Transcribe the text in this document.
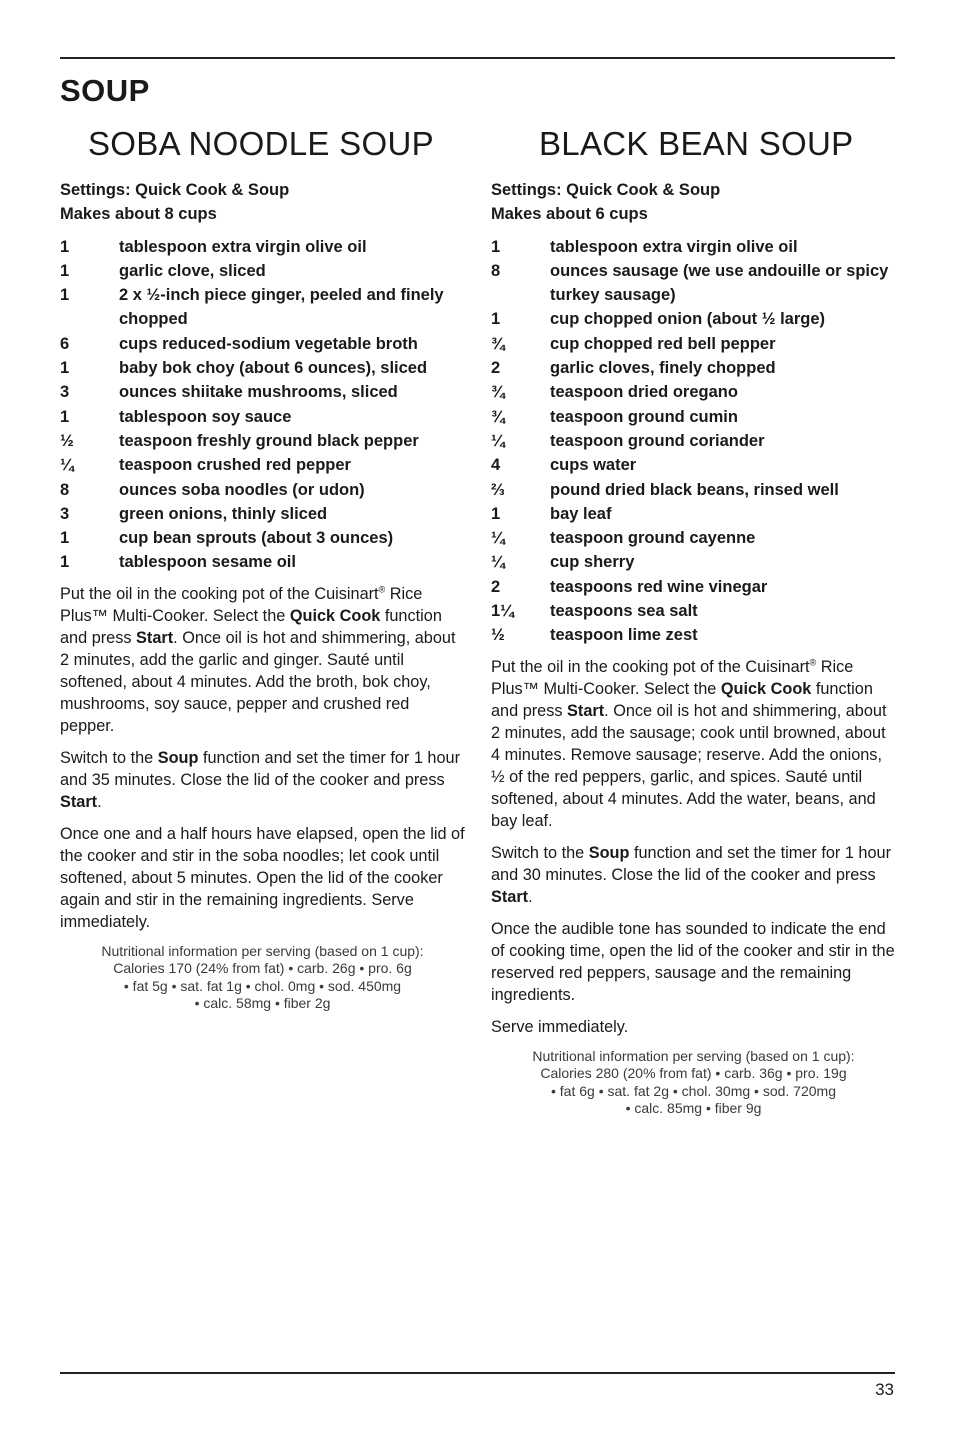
SOUP
SOBA NOODLE SOUP
Settings: Quick Cook & Soup
Makes about 8 cups
1	tablespoon extra virgin olive oil
1	garlic clove, sliced
1	2 x ½-inch piece ginger, peeled and finely chopped
6	cups reduced-sodium vegetable broth
1	baby bok choy (about 6 ounces), sliced
3	ounces shiitake mushrooms, sliced
1	tablespoon soy sauce
½	teaspoon freshly ground black pepper
¼	teaspoon crushed red pepper
8	ounces soba noodles (or udon)
3	green onions, thinly sliced
1	cup bean sprouts (about 3 ounces)
1	tablespoon sesame oil

Put the oil in the cooking pot of the Cuisinart® Rice Plus™ Multi-Cooker. Select the Quick Cook function and press Start. Once oil is hot and shimmering, about 2 minutes, add the garlic and ginger. Sauté until softened, about 4 minutes. Add the broth, bok choy, mushrooms, soy sauce, pepper and crushed red pepper.

Switch to the Soup function and set the timer for 1 hour and 35 minutes. Close the lid of the cooker and press Start.

Once one and a half hours have elapsed, open the lid of the cooker and stir in the soba noodles; let cook until softened, about 5 minutes. Open the lid of the cooker again and stir in the remaining ingredients. Serve immediately.

Nutritional information per serving (based on 1 cup):
Calories 170 (24% from fat) • carb. 26g • pro. 6g
• fat 5g • sat. fat 1g • chol. 0mg • sod. 450mg
• calc. 58mg • fiber 2g
BLACK BEAN SOUP
Settings: Quick Cook & Soup
Makes about 6 cups
1	tablespoon extra virgin olive oil
8	ounces sausage (we use andouille or spicy turkey sausage)
1	cup chopped onion (about ½ large)
¾	cup chopped red bell pepper
2	garlic cloves, finely chopped
¾	teaspoon dried oregano
¾	teaspoon ground cumin
¼	teaspoon ground coriander
4	cups water
⅔	pound dried black beans, rinsed well
1	bay leaf
¼	teaspoon ground cayenne
¼	cup sherry
2	teaspoons red wine vinegar
1¼	teaspoons sea salt
½	teaspoon lime zest

Put the oil in the cooking pot of the Cuisinart® Rice Plus™ Multi-Cooker. Select the Quick Cook function and press Start. Once oil is hot and shimmering, about 2 minutes, add the sausage; cook until browned, about 4 minutes. Remove sausage; reserve. Add the onions, ½ of the red peppers, garlic, and spices. Sauté until softened, about 4 minutes. Add the water, beans, and bay leaf.

Switch to the Soup function and set the timer for 1 hour and 30 minutes. Close the lid of the cooker and press Start.

Once the audible tone has sounded to indicate the end of cooking time, open the lid of the cooker and stir in the reserved red peppers, sausage and the remaining ingredients.

Serve immediately.

Nutritional information per serving (based on 1 cup):
Calories 280 (20% from fat) • carb. 36g • pro. 19g
• fat 6g • sat. fat 2g • chol. 30mg • sod. 720mg
• calc. 85mg • fiber 9g
33
